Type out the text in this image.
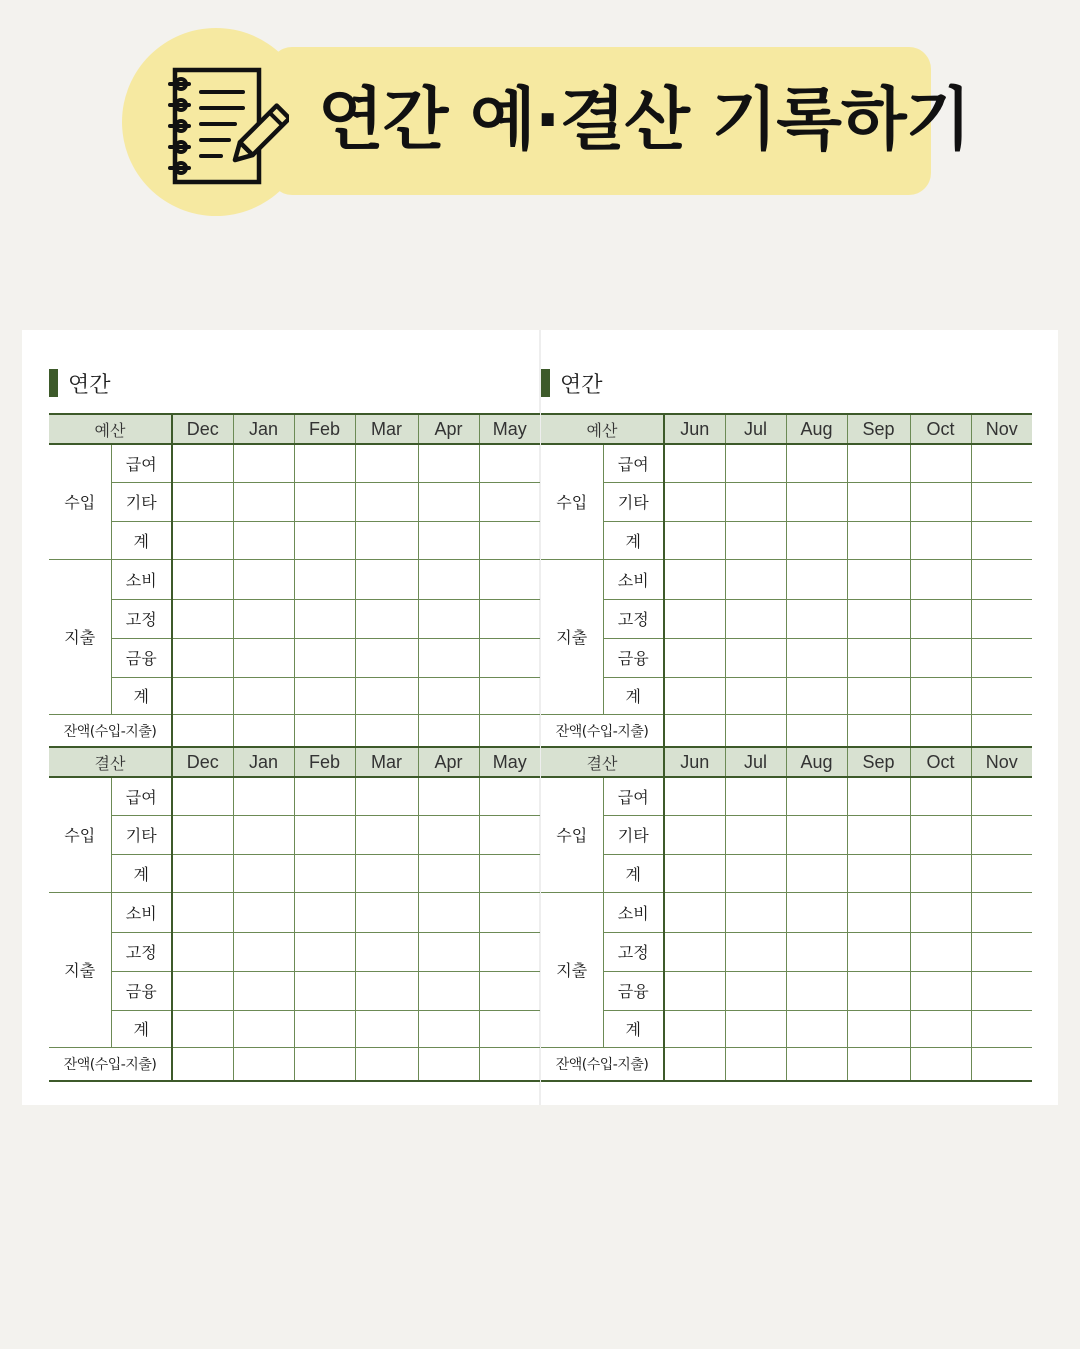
연간 예·결산 기록하기
연간	연간
예산		Dec	Jan	Feb	Mar	Apr	May
수입	급여						
	기타						
	계						
지출	소비						
	고정						
	금융						
	계						
잔액(수입-지출)							
예산		Jun	Jul	Aug	Sep	Oct	Nov
수입	급여						
	기타						
	계						
지출	소비						
	고정						
	금융						
	계						
잔액(수입-지출)							
결산		Dec	Jan	Feb	Mar	Apr	May
수입	급여						
	기타						
	계						
지출	소비						
	고정						
	금융						
	계						
잔액(수입-지출)							
결산		Jun	Jul	Aug	Sep	Oct	Nov
수입	급여						
	기타						
	계						
지출	소비						
	고정						
	금융						
	계						
잔액(수입-지출)							
